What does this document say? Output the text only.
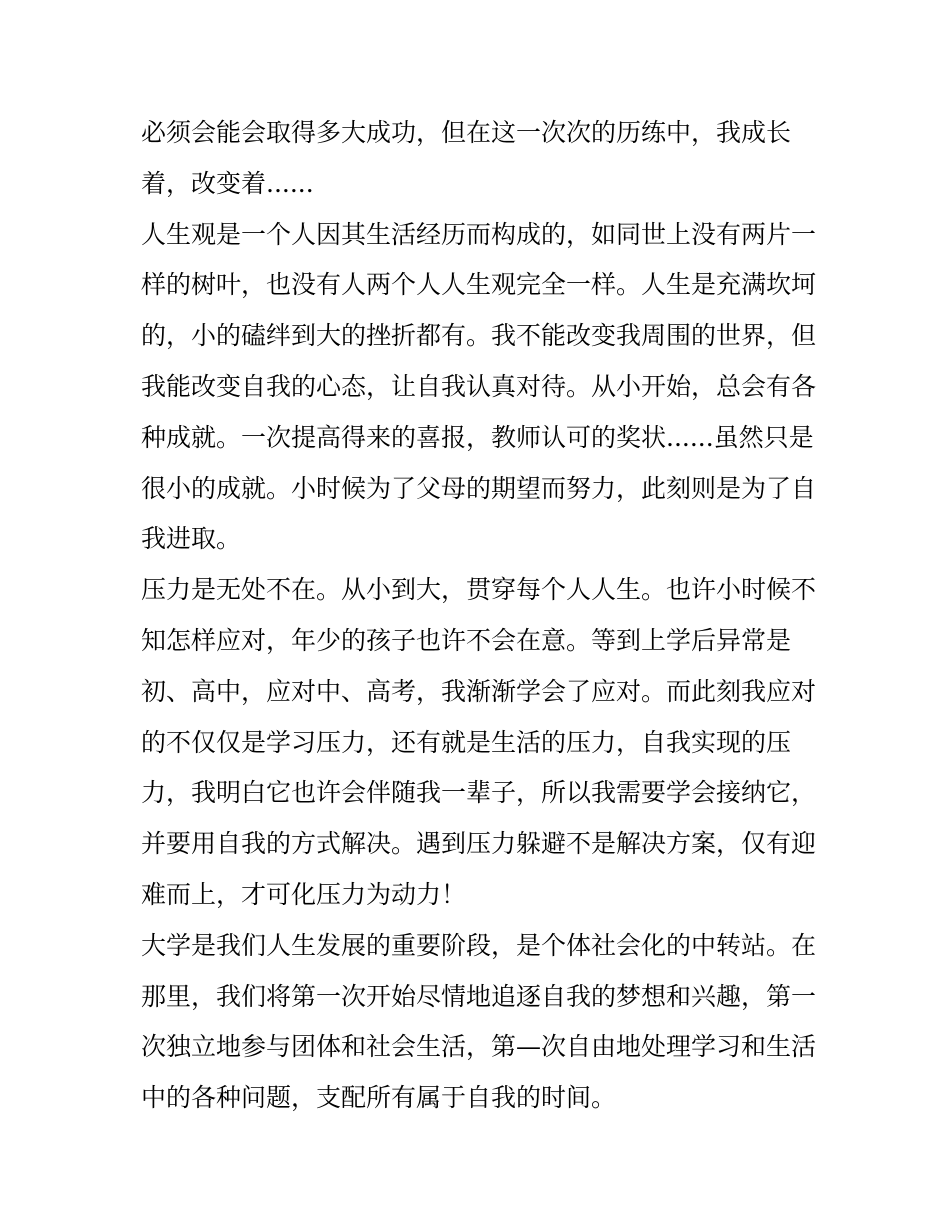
必须会能会取得多大成功，但在这一次次的历练中，我成长
着，改变着......
人生观是一个人因其生活经历而构成的，如同世上没有两片一
样的树叶，也没有人两个人人生观完全一样。人生是充满坎坷
的，小的磕绊到大的挫折都有。我不能改变我周围的世界，但
我能改变自我的心态，让自我认真对待。从小开始，总会有各
种成就。一次提高得来的喜报，教师认可的奖状......虽然只是
很小的成就。小时候为了父母的期望而努力，此刻则是为了自
我进取。
压力是无处不在。从小到大，贯穿每个人人生。也许小时候不
知怎样应对，年少的孩子也许不会在意。等到上学后异常是
初、高中，应对中、高考，我渐渐学会了应对。而此刻我应对
的不仅仅是学习压力，还有就是生活的压力，自我实现的压
力，我明白它也许会伴随我一辈子，所以我需要学会接纳它，
并要用自我的方式解决。遇到压力躲避不是解决方案，仅有迎
难而上，才可化压力为动力！
大学是我们人生发展的重要阶段，是个体社会化的中转站。在
那里，我们将第一次开始尽情地追逐自我的梦想和兴趣，第一
次独立地参与团体和社会生活，第—次自由地处理学习和生活
中的各种问题，支配所有属于自我的时间。
